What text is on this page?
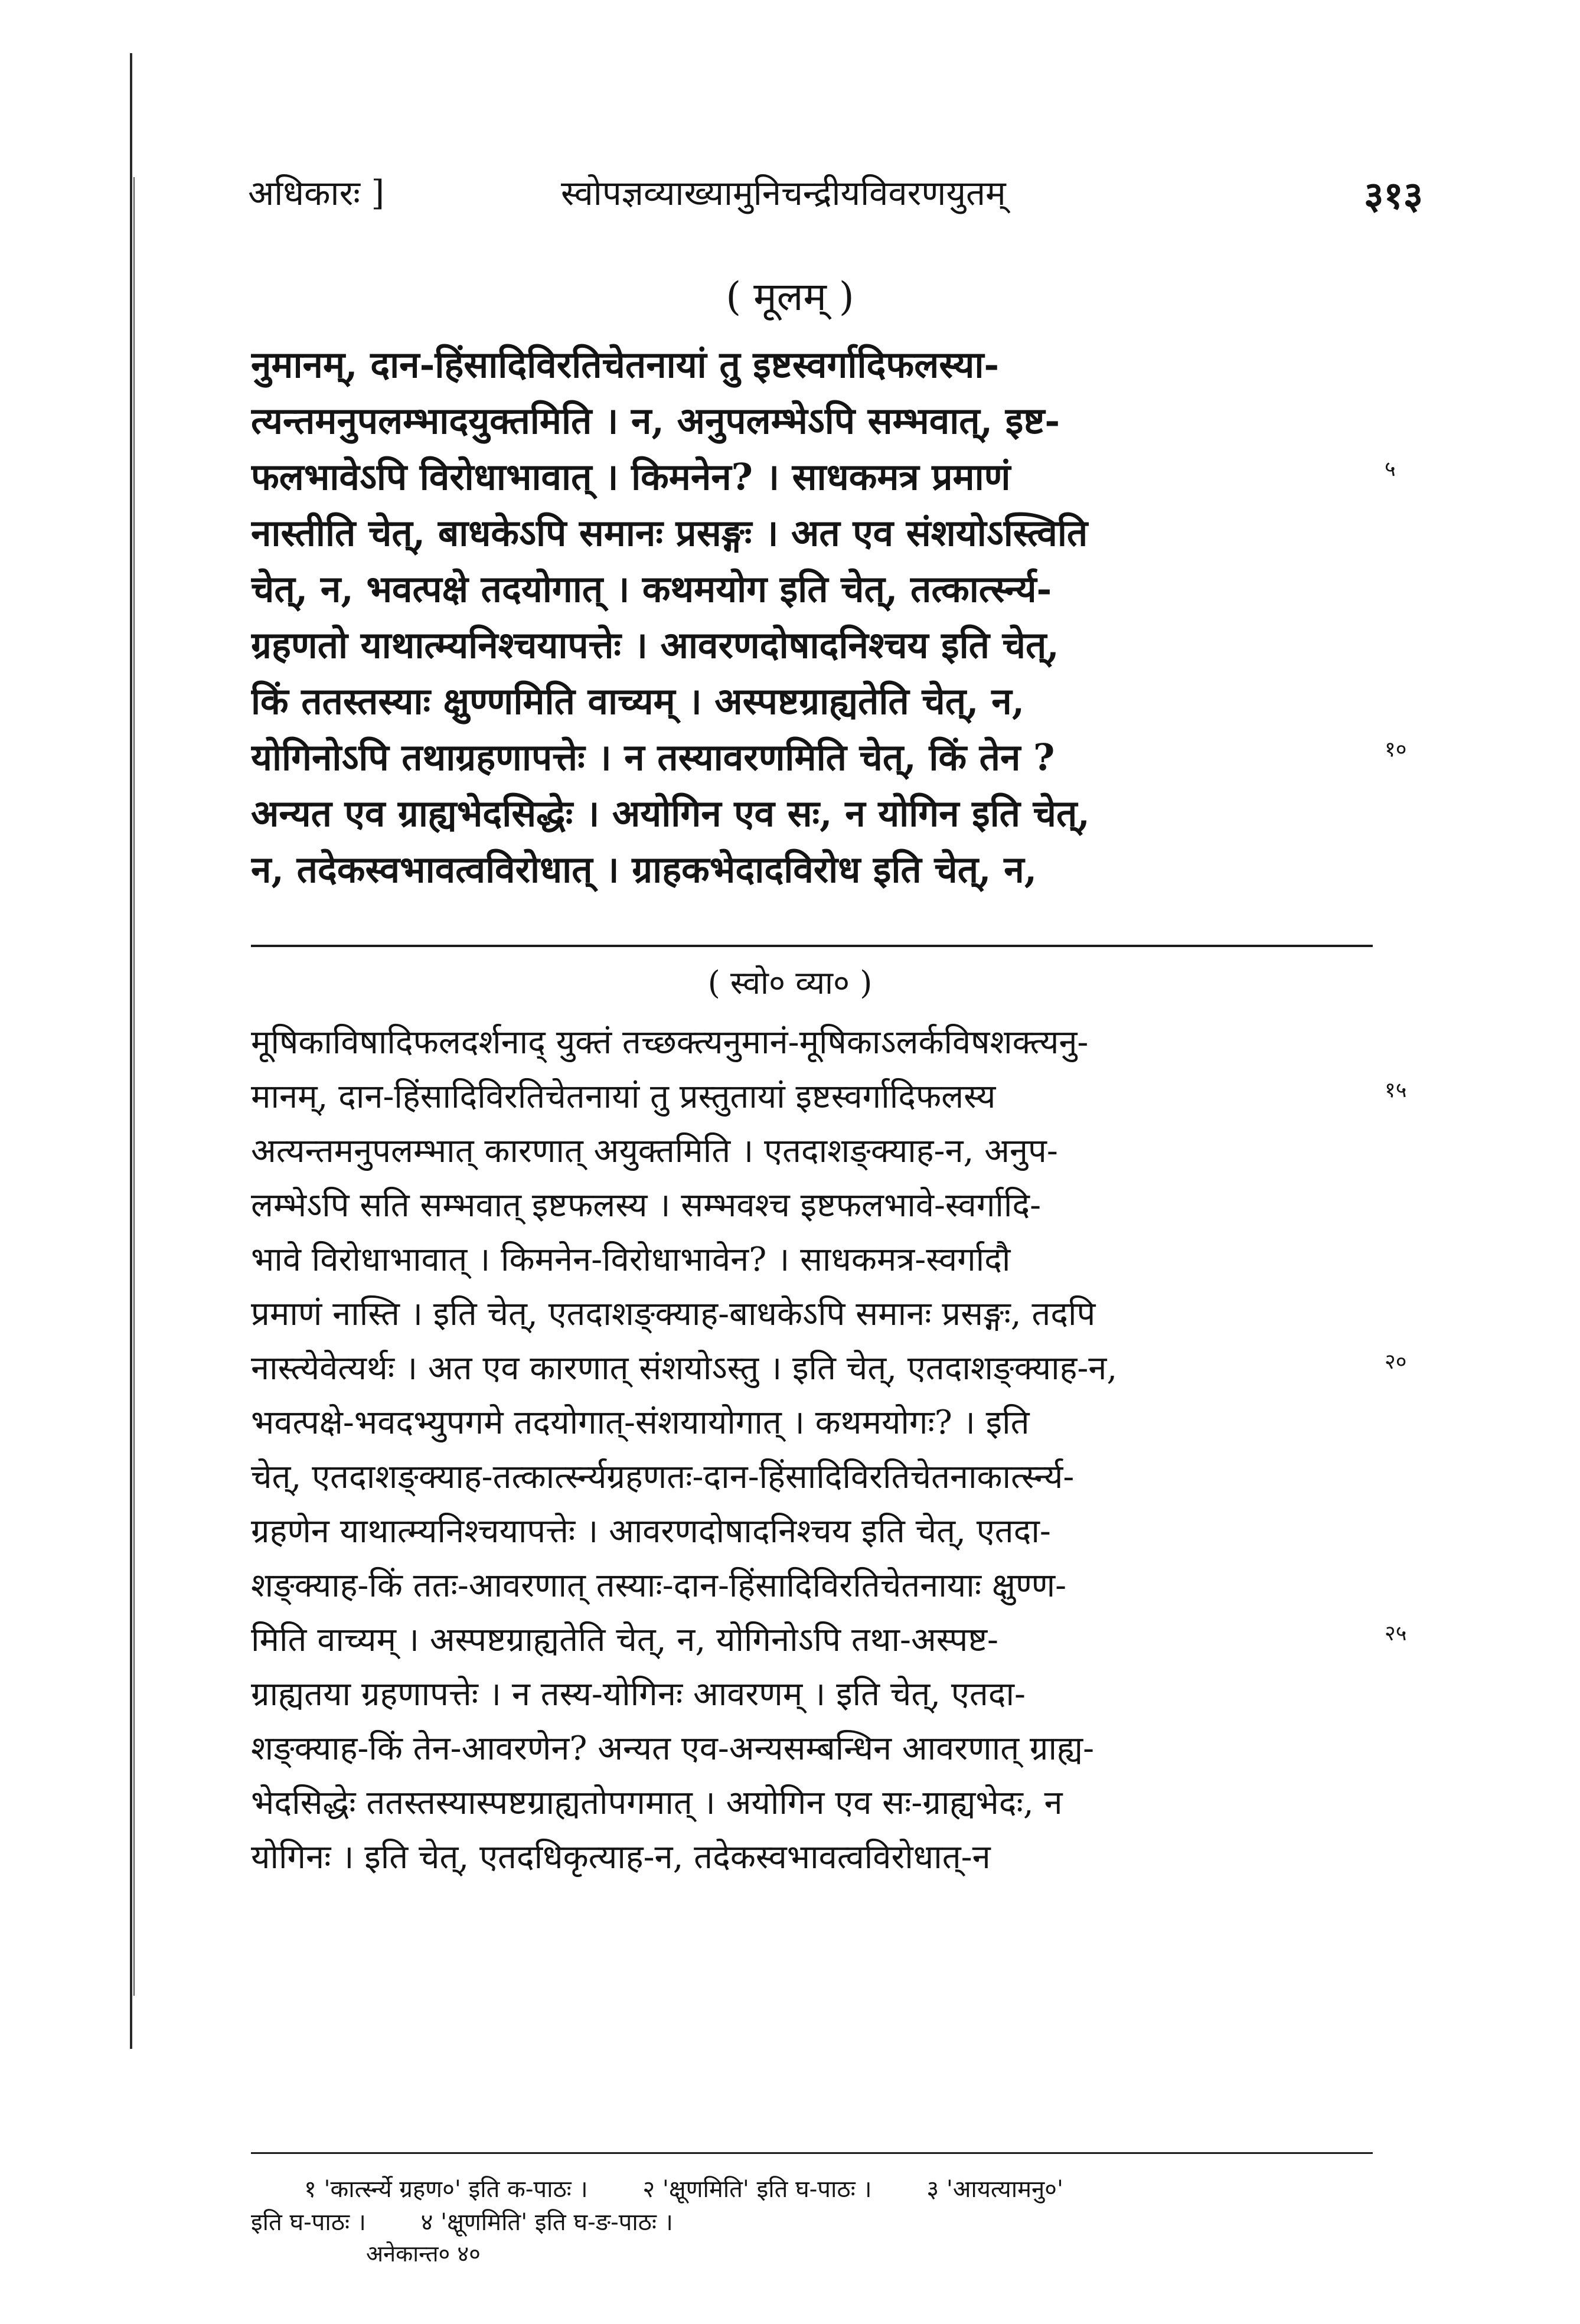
अधिकारः ]	स्वोपज्ञव्याख्यामुनिचन्द्रीयविवरणयुतम्	३१३
( मूलम् )
नुमानम्, दान-हिंसादिविरतिचेतनायां तु इष्टस्वर्गादिफलस्या-
त्यन्तमनुपलम्भादयुक्तमिति । न, अनुपलम्भेऽपि सम्भवात्, इष्ट-
फलभावेऽपि विरोधाभावात् । किमनेन? । साधकमत्र प्रमाणं	५
नास्तीति चेत्, बाधकेऽपि समानः प्रसङ्गः । अत एव संशयोऽस्त्विति
चेत्, न, भवत्पक्षे तदयोगात् । कथमयोग इति चेत्, तत्कार्त्स्न्य-
ग्रहणतो याथात्म्यनिश्चयापत्तेः । आवरणदोषादनिश्चय इति चेत्,
किं ततस्तस्याः क्षुण्णमिति वाच्यम् । अस्पष्टग्राह्यतेति चेत्, न,
योगिनोऽपि तथाग्रहणापत्तेः । न तस्यावरणमिति चेत्, किं तेन ?	१०
अन्यत एव ग्राह्यभेदसिद्धेः । अयोगिन एव सः, न योगिन इति चेत्,
न, तदेकस्वभावत्वविरोधात् । ग्राहकभेदादविरोध इति चेत्, न,
( स्वो० व्या० )
मूषिकाविषादिफलदर्शनाद् युक्तं तच्छक्त्यनुमानं-मूषिकाऽलर्कविषशक्त्यनु-
मानम्, दान-हिंसादिविरतिचेतनायां तु प्रस्तुतायां इष्टस्वर्गादिफलस्य	१५
अत्यन्तमनुपलम्भात् कारणात् अयुक्तमिति । एतदाशङ्क्याह-न, अनुप-
लम्भेऽपि सति सम्भवात् इष्टफलस्य । सम्भवश्च इष्टफलभावे-स्वर्गादि-
भावे विरोधाभावात् । किमनेन-विरोधाभावेन? । साधकमत्र-स्वर्गादौ
प्रमाणं नास्ति । इति चेत्, एतदाशङ्क्याह-बाधकेऽपि समानः प्रसङ्गः, तदपि
नास्त्येवेत्यर्थः । अत एव कारणात् संशयोऽस्तु । इति चेत्, एतदाशङ्क्याह-न,	२०
भवत्पक्षे-भवदभ्युपगमे तदयोगात्-संशयायोगात् । कथमयोगः? । इति
चेत्, एतदाशङ्क्याह-तत्कार्त्स्न्यग्रहणतः-दान-हिंसादिविरतिचेतनाकार्त्स्न्य-
ग्रहणेन याथात्म्यनिश्चयापत्तेः । आवरणदोषादनिश्चय इति चेत्, एतदा-
शङ्क्याह-किं ततः-आवरणात् तस्याः-दान-हिंसादिविरतिचेतनायाः क्षुण्ण-
मिति वाच्यम् । अस्पष्टग्राह्यतेति चेत्, न, योगिनोऽपि तथा-अस्पष्ट-	२५
ग्राह्यतया ग्रहणापत्तेः । न तस्य-योगिनः आवरणम् । इति चेत्, एतदा-
शङ्क्याह-किं तेन-आवरणेन? अन्यत एव-अन्यसम्बन्धिन आवरणात् ग्राह्य-
भेदसिद्धेः ततस्तस्यास्पष्टग्राह्यतोपगमात् । अयोगिन एव सः-ग्राह्यभेदः, न
योगिनः । इति चेत्, एतदधिकृत्याह-न, तदेकस्वभावत्वविरोधात्-न
१ 'कार्त्स्न्ये ग्रहण०' इति क-पाठः । २ 'क्षूणमिति' इति घ-पाठः । ३ 'आयत्यामनु०'
इति घ-पाठः । ४ 'क्षूणमिति' इति घ-ङ-पाठः ।
अनेकान्त० ४०
